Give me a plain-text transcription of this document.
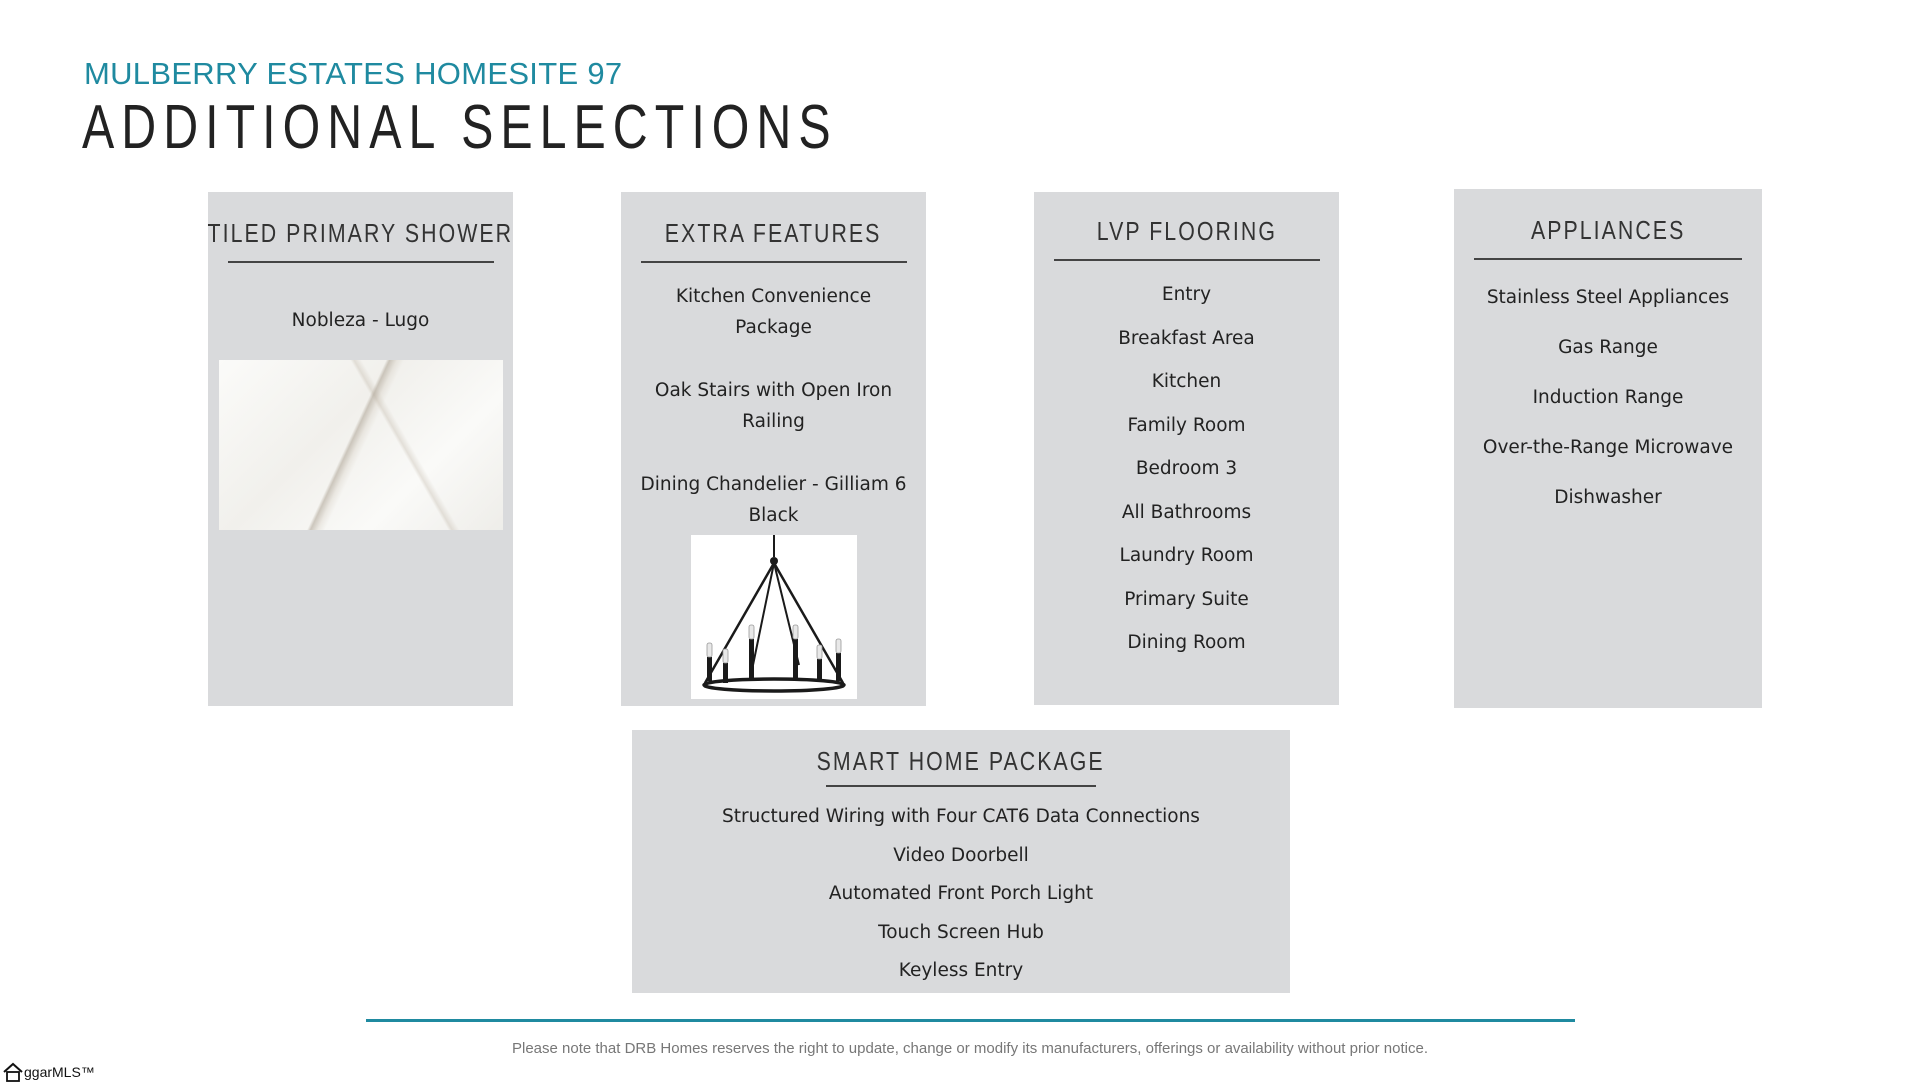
MULBERRY ESTATES HOMESITE 97
ADDITIONAL SELECTIONS
TILED PRIMARY SHOWER
Nobleza - Lugo
EXTRA FEATURES
Kitchen Convenience Package
Oak Stairs with Open Iron Railing
Dining Chandelier - Gilliam 6 Black
LVP FLOORING
Entry
Breakfast Area
Kitchen
Family Room
Bedroom 3
All Bathrooms
Laundry Room
Primary Suite
Dining Room
APPLIANCES
Stainless Steel Appliances
Gas Range
Induction Range
Over-the-Range Microwave
Dishwasher
SMART HOME PACKAGE
Structured Wiring with Four CAT6 Data Connections
Video Doorbell
Automated Front Porch Light
Touch Screen Hub
Keyless Entry
Please note that DRB Homes reserves the right to update, change or modify its manufacturers, offerings or availability without prior notice.
ggarMLS™
